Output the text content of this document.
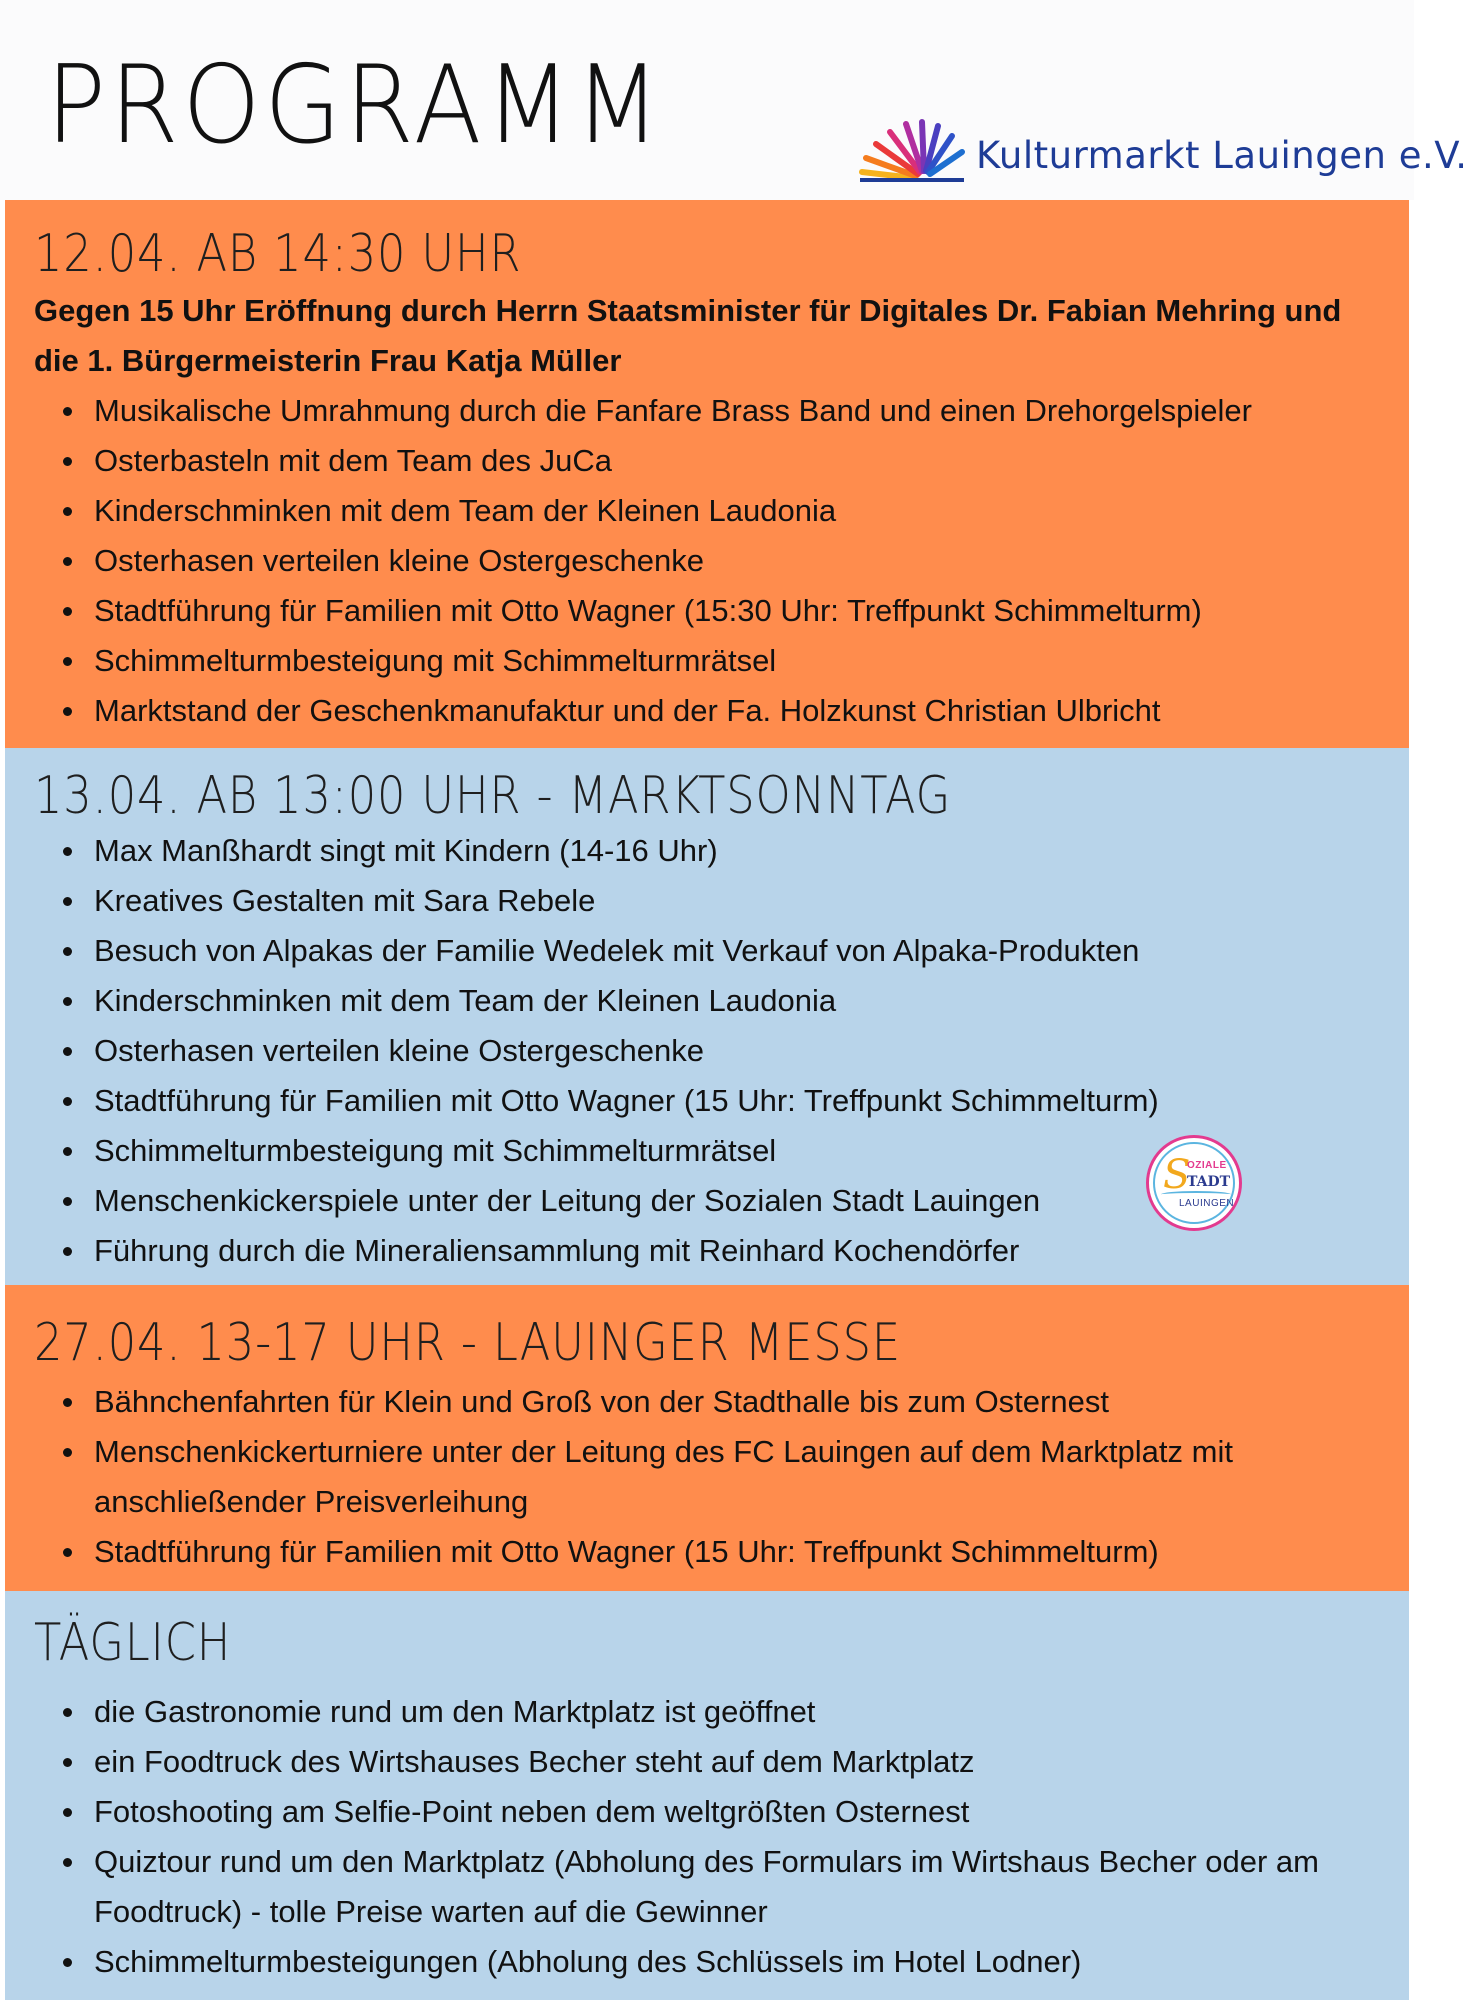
PROGRAMM	Kulturmarkt Lauingen e.V.
12.04. AB 14:30 UHR
Gegen 15 Uhr Eröffnung durch Herrn Staatsminister für Digitales Dr. Fabian Mehring und die 1. Bürgermeisterin Frau Katja Müller
Musikalische Umrahmung durch die Fanfare Brass Band und einen Drehorgelspieler
Osterbasteln mit dem Team des JuCa
Kinderschminken mit dem Team der Kleinen Laudonia
Osterhasen verteilen kleine Ostergeschenke
Stadtführung für Familien mit Otto Wagner (15:30 Uhr: Treffpunkt Schimmelturm)
Schimmelturmbesteigung mit Schimmelturmrätsel
Marktstand der Geschenkmanufaktur und der Fa. Holzkunst Christian Ulbricht
13.04. AB 13:00 UHR - MARKTSONNTAG
Max Manßhardt singt mit Kindern (14-16 Uhr)
Kreatives Gestalten mit Sara Rebele
Besuch von Alpakas der Familie Wedelek mit Verkauf von Alpaka-Produkten
Kinderschminken mit dem Team der Kleinen Laudonia
Osterhasen verteilen kleine Ostergeschenke
Stadtführung für Familien mit Otto Wagner (15 Uhr: Treffpunkt Schimmelturm)
Schimmelturmbesteigung mit Schimmelturmrätsel
Menschenkickerspiele unter der Leitung der Sozialen Stadt Lauingen
Führung durch die Mineraliensammlung mit Reinhard Kochendörfer
27.04. 13-17 UHR - LAUINGER MESSE
Bähnchenfahrten für Klein und Groß von der Stadthalle bis zum Osternest
Menschenkickerturniere unter der Leitung des FC Lauingen auf dem Marktplatz mit anschließender Preisverleihung
Stadtführung für Familien mit Otto Wagner (15 Uhr: Treffpunkt Schimmelturm)
TÄGLICH
die Gastronomie rund um den Marktplatz ist geöffnet
ein Foodtruck des Wirtshauses Becher steht auf dem Marktplatz
Fotoshooting am Selfie-Point neben dem weltgrößten Osternest
Quiztour rund um den Marktplatz (Abholung des Formulars im Wirtshaus Becher oder am Foodtruck) - tolle Preise warten auf die Gewinner
Schimmelturmbesteigungen (Abholung des Schlüssels im Hotel Lodner)
S
OZIALE
TADT
LAUINGEN
